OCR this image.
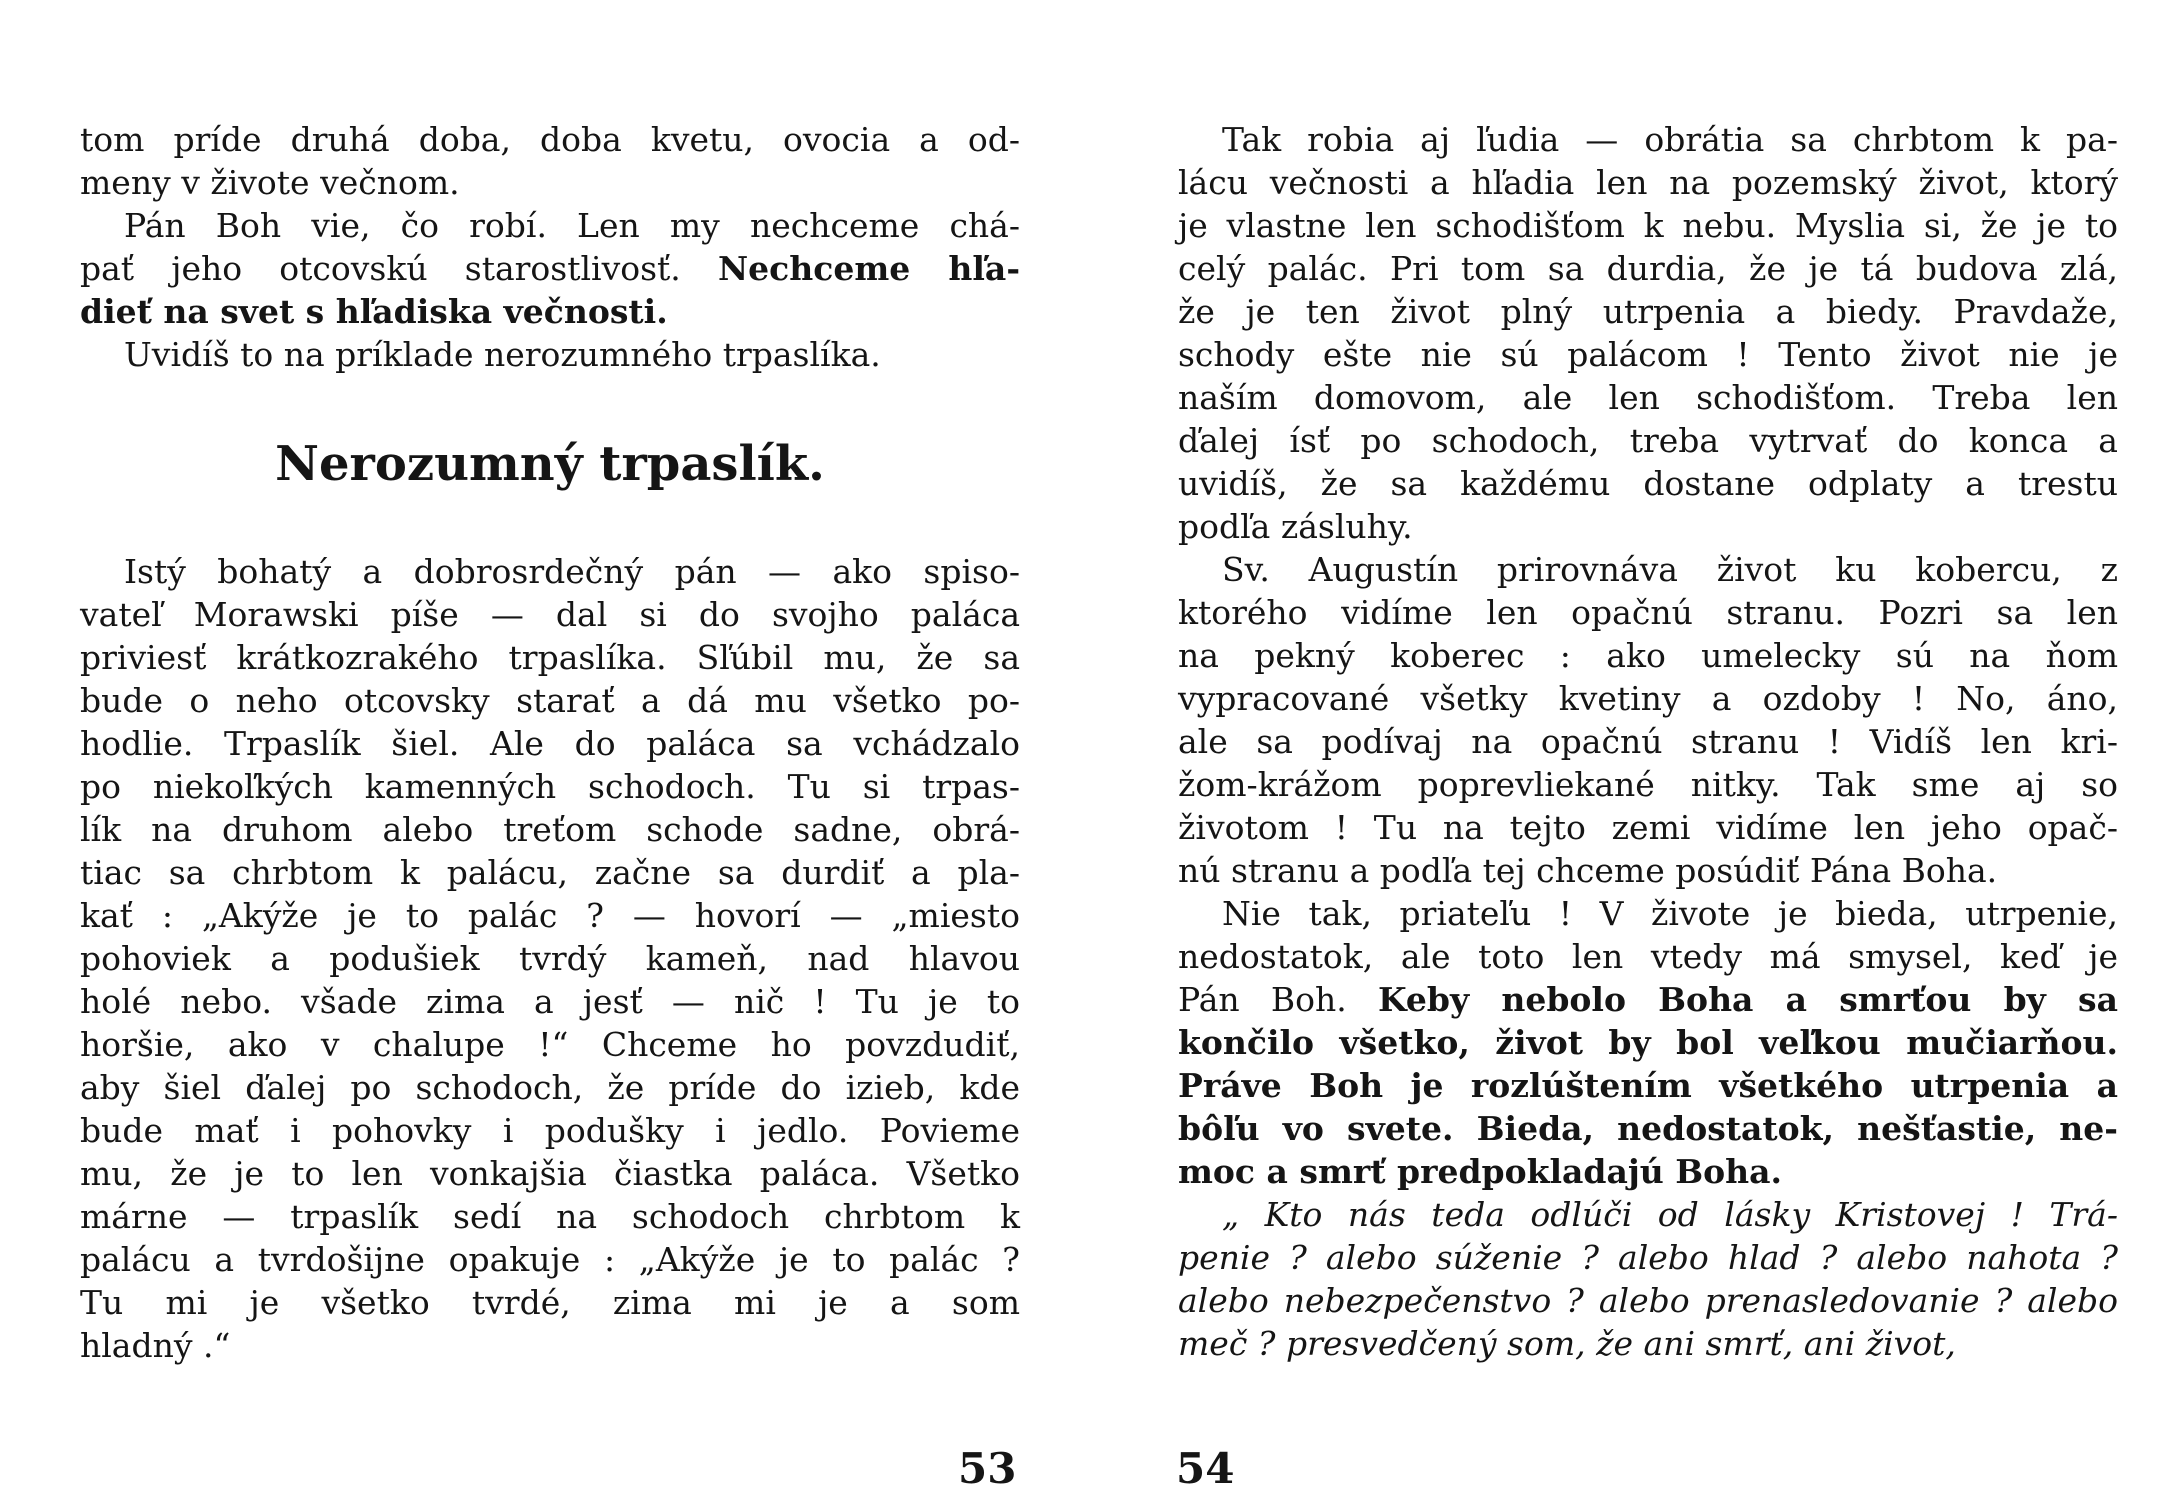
tom príde druhá doba, doba kvetu, ovocia a od-
meny v živote večnom.

Pán Boh vie, čo robí. Len my nechceme chá-
pať jeho otcovskú starostlivosť. Nechceme hľa-
dieť na svet s hľadiska večnosti.

Uvidíš to na príklade nerozumného trpaslíka.

Nerozumný trpaslík.

Istý bohatý a dobrosrdečný pán — ako spiso-
vateľ Morawski píše — dal si do svojho paláca
priviesť krátkozrakého trpaslíka. Sľúbil mu, že sa
bude o neho otcovsky starať a dá mu všetko po-
hodlie. Trpaslík šiel. Ale do paláca sa vchádzalo
po niekoľkých kamenných schodoch. Tu si trpas-
lík na druhom alebo treťom schode sadne, obrá-
tiac sa chrbtom k palácu, začne sa durdiť a pla-
kať : „Akýže je to palác ? — hovorí — „miesto
pohoviek a podušiek tvrdý kameň, nad hlavou
holé nebo. všade zima a jesť — nič ! Tu je to
horšie, ako v chalupe !“ Chceme ho povzdudiť,
aby šiel ďalej po schodoch, že príde do izieb, kde
bude mať i pohovky i podušky i jedlo. Povieme
mu, že je to len vonkajšia čiastka paláca. Všetko
márne — trpaslík sedí na schodoch chrbtom k
palácu a tvrdošijne opakuje : „Akýže je to palác ?
Tu mi je všetko tvrdé, zima mi je a som
hladný .“

53

Tak robia aj ľudia — obrátia sa chrbtom k pa-
lácu večnosti a hľadia len na pozemský život, ktorý
je vlastne len schodišťom k nebu. Myslia si, že je to
celý palác. Pri tom sa durdia, že je tá budova zlá,
že je ten život plný utrpenia a biedy. Pravdaže,
schody ešte nie sú palácom ! Tento život nie je
naším domovom, ale len schodišťom. Treba len
ďalej ísť po schodoch, treba vytrvať do konca a
uvidíš, že sa každému dostane odplaty a trestu
podľa zásluhy.

Sv. Augustín prirovnáva život ku kobercu, z
ktorého vidíme len opačnú stranu. Pozri sa len
na pekný koberec : ako umelecky sú na ňom
vypracované všetky kvetiny a ozdoby ! No, áno,
ale sa podívaj na opačnú stranu ! Vidíš len kri-
žom-krážom poprevliekané nitky. Tak sme aj so
životom ! Tu na tejto zemi vidíme len jeho opač-
nú stranu a podľa tej chceme posúdiť Pána Boha.

Nie tak, priateľu ! V živote je bieda, utrpenie,
nedostatok, ale toto len vtedy má smysel, keď je
Pán Boh. Keby nebolo Boha a smrťou by sa
končilo všetko, život by bol veľkou mučiarňou.
Práve Boh je rozlúštením všetkého utrpenia a
bôľu vo svete. Bieda, nedostatok, nešťastie, ne-
moc a smrť predpokladajú Boha.

„ Kto nás teda odlúči od lásky Kristovej ! Trá-
penie ? alebo súženie ? alebo hlad ? alebo nahota ?
alebo nebezpečenstvo ? alebo prenasledovanie ? alebo
meč ? presvedčený som, že ani smrť, ani život,

54
